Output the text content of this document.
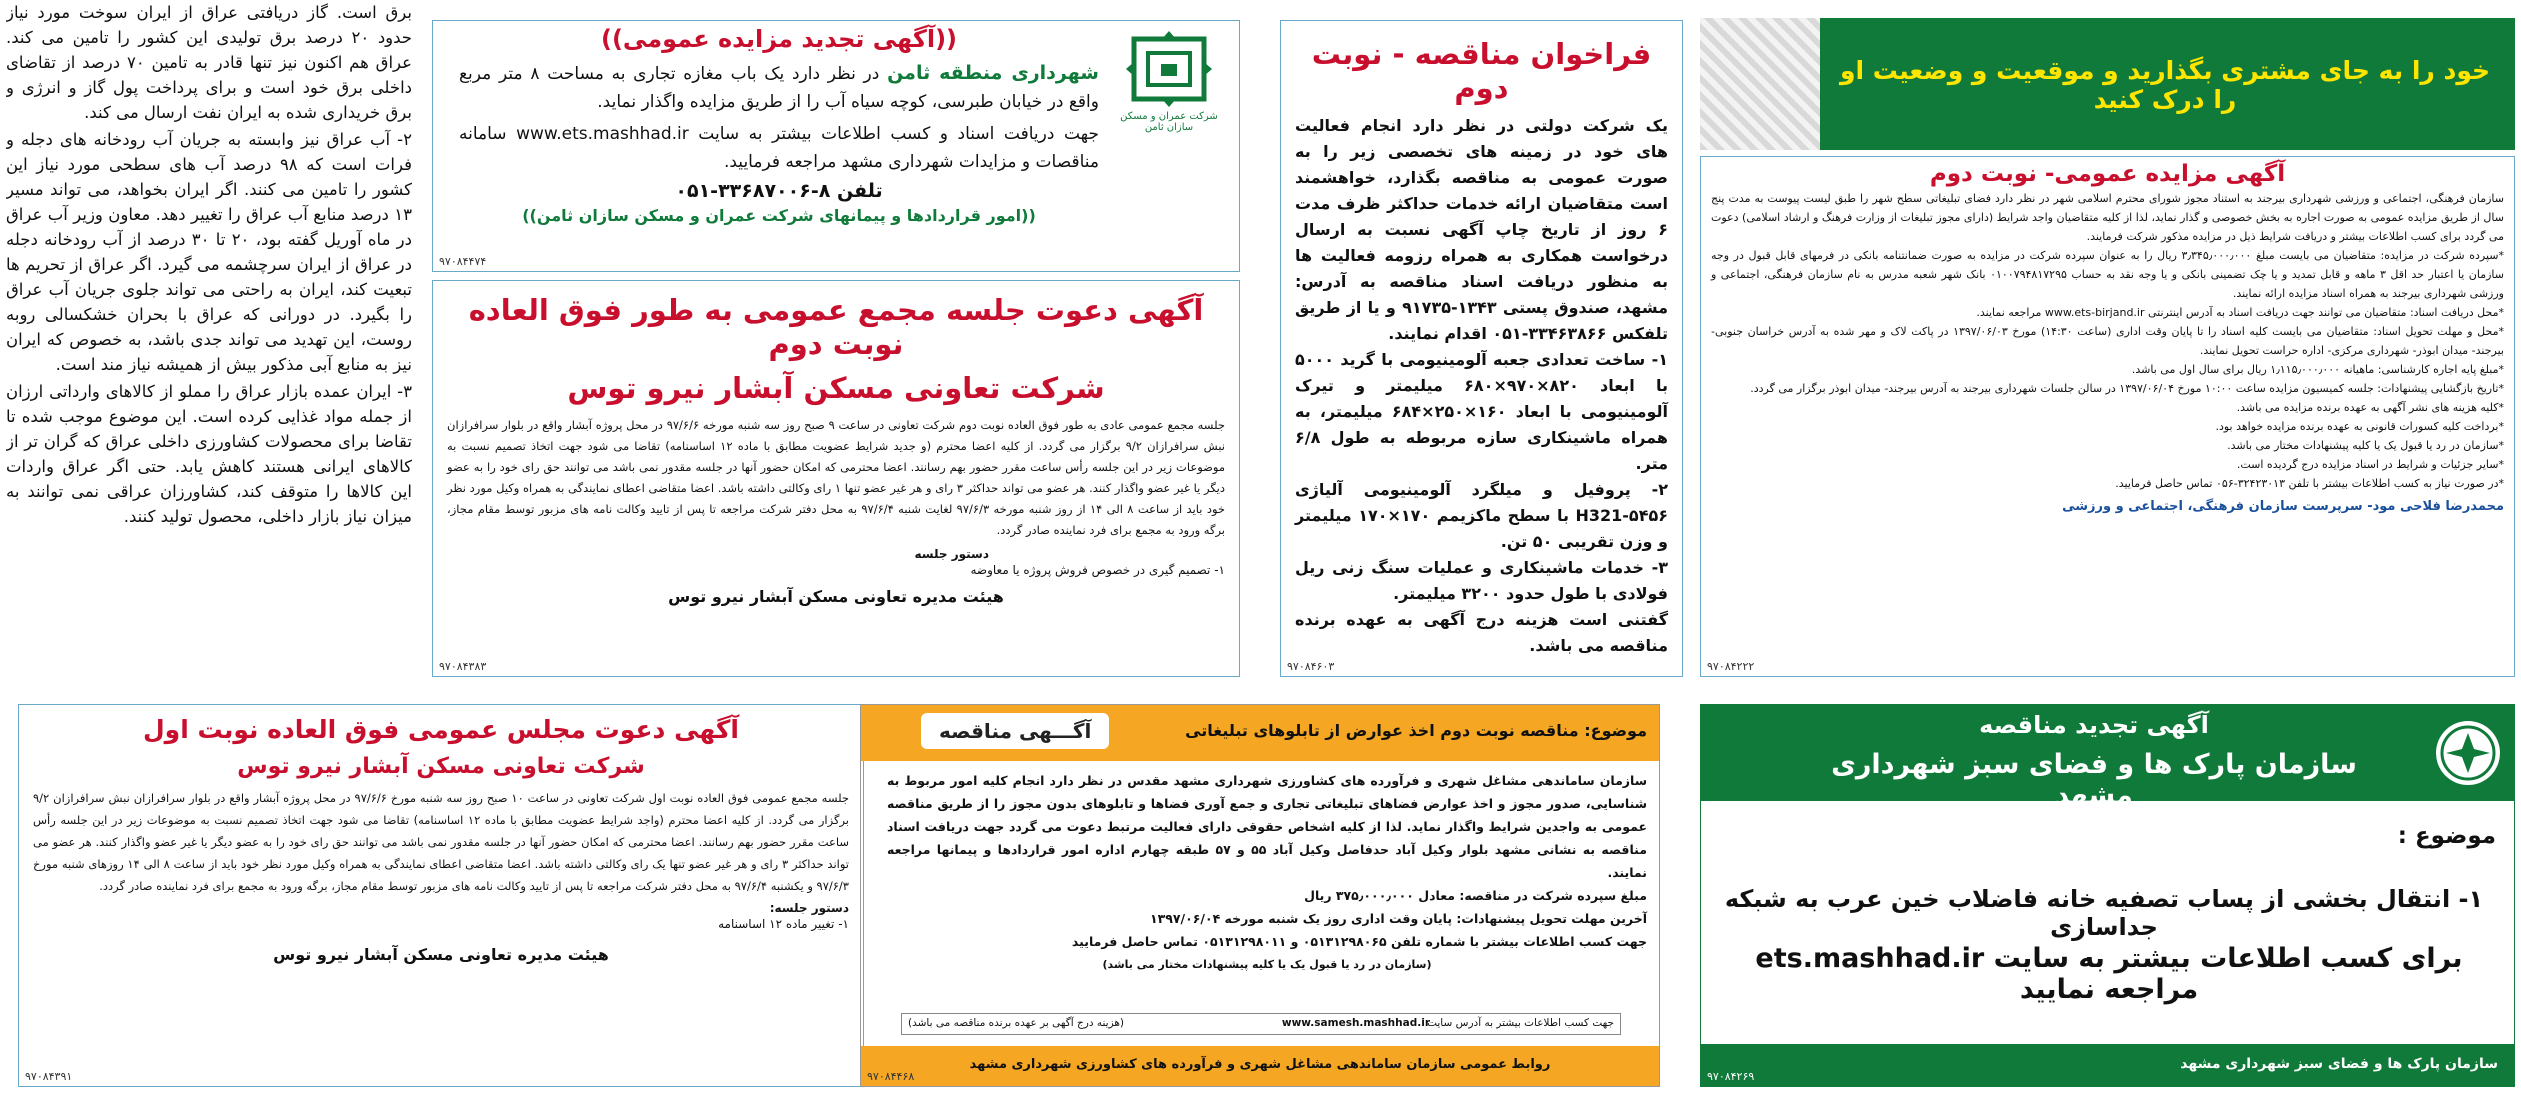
برق است. گاز دریافتی عراق از ایران سوخت مورد نیاز حدود ۲۰ درصد برق تولیدی این کشور را تامین می کند. عراق هم اکنون نیز تنها قادر به تامین ۷۰ درصد از تقاضای داخلی برق خود است و برای پرداخت پول گاز و انرژی و برق خریداری شده به ایران نفت ارسال می کند.

۲- آب عراق نیز وابسته به جریان آب رودخانه های دجله و فرات است که ۹۸ درصد آب های سطحی مورد نیاز این کشور را تامین می کنند. اگر ایران بخواهد، می تواند مسیر ۱۳ درصد منابع آب عراق را تغییر دهد. معاون وزیر آب عراق در ماه آوریل گفته بود، ۲۰ تا ۳۰ درصد از آب رودخانه دجله در عراق از ایران سرچشمه می گیرد. اگر عراق از تحریم ها تبعیت کند، ایران به راحتی می تواند جلوی جریان آب عراق را بگیرد. در دورانی که عراق با بحران خشکسالی روبه روست، این تهدید می تواند جدی باشد، به خصوص که ایران نیز به منابع آبی مذکور بیش از همیشه نیاز مند است.

۳- ایران عمده بازار عراق را مملو از کالاهای وارداتی ارزان از جمله مواد غذایی کرده است. این موضوع موجب شده تا تقاضا برای محصولات کشاورزی داخلی عراق که گران تر از کالاهای ایرانی هستند کاهش یابد. حتی اگر عراق واردات این کالاها را متوقف کند، کشاورزان عراقی نمی توانند به میزان نیاز بازار داخلی، محصول تولید کنند.

شرکت عمران و مسکن سازان ثامن
((آگهی تجدید مزایده عمومی))

شهرداری منطقه ثامن در نظر دارد یک باب مغازه تجاری به مساحت ۸ متر مربع واقع در خیابان طبرسی، کوچه سیاه آب را از طریق مزایده واگذار نماید.

جهت دریافت اسناد و کسب اطلاعات بیشتر به سایت www.ets.mashhad.ir سامانه مناقصات و مزایدات شهرداری مشهد مراجعه فرمایید.

تلفن ۸-۳۳۶۸۷۰۰۶-۰۵۱
((امور قراردادها و پیمانهای شرکت عمران و مسکن سازان ثامن))
۹۷۰۸۴۴۷۴
آگهی دعوت جلسه مجمع عمومی به طور فوق العاده نوبت دوم
شرکت تعاونی مسکن آبشار نیرو توس

جلسه مجمع عمومی عادی به طور فوق العاده نوبت دوم شرکت تعاونی در ساعت ۹ صبح روز سه شنبه مورخه ۹۷/۶/۶ در محل پروژه آبشار واقع در بلوار سرافرازان نبش سرافرازان ۹/۲ برگزار می گردد. از کلیه اعضا محترم (و جدید شرایط عضویت مطابق با ماده ۱۲ اساسنامه) تقاضا می شود جهت اتخاذ تصمیم نسبت به موضوعات زیر در این جلسه رأس ساعت مقرر حضور بهم رسانند. اعضا محترمی که امکان حضور آنها در جلسه مقدور نمی باشد می توانند حق رای خود را به عضو دیگر یا غیر عضو واگذار کنند. هر عضو می تواند حداکثر ۳ رای و هر غیر عضو تنها ۱ رای وکالتی داشته باشد. اعضا متقاضی اعطای نمایندگی به همراه وکیل مورد نظر خود باید از ساعت ۸ الی ۱۴ از روز شنبه مورخه ۹۷/۶/۳ لغایت شنبه ۹۷/۶/۴ به محل دفتر شرکت مراجعه تا پس از تایید وکالت نامه های مزبور توسط مقام مجاز، برگه ورود به مجمع برای فرد نماینده صادر گردد.

دستور جلسه
۱- تصمیم گیری در خصوص فروش پروژه یا معاوضه
هیئت مدیره تعاونی مسکن آبشار نیرو توس
۹۷۰۸۴۳۸۳
فراخوان مناقصه - نوبت دوم

یک شرکت دولتی در نظر دارد انجام فعالیت های خود در زمینه های تخصصی زیر را به صورت عمومی به مناقصه بگذارد، خواهشمند است متقاضیان ارائه خدمات حداکثر ظرف مدت ۶ روز از تاریخ چاپ آگهی نسبت به ارسال درخواست همکاری به همراه رزومه فعالیت ها به منظور دریافت اسناد مناقصه به آدرس: مشهد، صندوق پستی ۱۳۴۳-۹۱۷۳۵ و یا از طریق تلفکس ۳۳۴۶۳۸۶۶-۰۵۱ اقدام نمایند.

۱- ساخت تعدادی جعبه آلومینیومی با گرید ۵۰۰۰ با ابعاد ۸۲۰×۹۷۰×۶۸۰ میلیمتر و تیرک آلومینیومی با ابعاد ۱۶۰×۲۵۰×۶۸۴ میلیمتر، به همراه ماشینکاری سازه مربوطه به طول ۶/۸ متر.

۲- پروفیل و میلگرد آلومینیومی آلیاژی H321-۵۴۵۶ با سطح ماکزیمم ۱۷۰×۱۷۰ میلیمتر و وزن تقریبی ۵۰ تن.

۳- خدمات ماشینکاری و عملیات سنگ زنی ریل فولادی با طول حدود ۳۲۰۰ میلیمتر.

گفتنی است هزینه درج آگهی به عهده برنده مناقصه می باشد.

۹۷۰۸۴۶۰۳
خود را به جای مشتری بگذارید و موقعیت و وضعیت او را درک کنید
آگهی مزایده عمومی- نوبت دوم

سازمان فرهنگی، اجتماعی و ورزشی شهرداری بیرجند به استناد مجوز شورای محترم اسلامی شهر در نظر دارد فضای تبلیغاتی سطح شهر را طبق لیست پیوست به مدت پنج سال از طریق مزایده عمومی به صورت اجاره به بخش خصوصی و گذار نماید، لذا از کلیه متقاضیان واجد شرایط (دارای مجوز تبلیغات از وزارت فرهنگ و ارشاد اسلامی) دعوت می گردد برای کسب اطلاعات بیشتر و دریافت شرایط ذیل در مزایده مذکور شرکت فرمایند.

*سپرده شرکت در مزایده: متقاضیان می بایست مبلغ ۳٫۳۴۵٫۰۰۰٫۰۰۰ ریال را به عنوان سپرده شرکت در مزایده به صورت ضمانتنامه بانکی در فرمهای قابل قبول در وجه سازمان یا اعتبار حد اقل ۳ ماهه و قابل تمدید و یا چک تضمینی بانکی و یا وجه نقد به حساب ۰۱۰۰۷۹۴۸۱۷۲۹۵ بانک شهر شعبه مدرس به نام سازمان فرهنگی، اجتماعی و ورزشی شهرداری بیرجند به همراه اسناد مزایده ارائه نمایند.

*محل دریافت اسناد: متقاضیان می توانند جهت دریافت اسناد به آدرس اینترنتی www.ets-birjand.ir مراجعه نمایند.

*محل و مهلت تحویل اسناد: متقاضیان می بایست کلیه اسناد را تا پایان وقت اداری (ساعت ۱۴:۳۰) مورخ ۱۳۹۷/۰۶/۰۳ در پاکت لاک و مهر شده به آدرس خراسان جنوبی- بیرجند- میدان ابوذر- شهرداری مرکزی- اداره حراست تحویل نمایند.

*مبلغ پایه اجاره کارشناسی: ماهیانه ۱٫۱۱۵٫۰۰۰٫۰۰۰ ریال برای سال اول می باشد.

*تاریخ بازگشایی پیشنهادات: جلسه کمیسیون مزایده ساعت ۱۰:۰۰ مورخ ۱۳۹۷/۰۶/۰۴ در سالن جلسات شهرداری بیرجند به آدرس بیرجند- میدان ابوذر برگزار می گردد.

*کلیه هزینه های نشر آگهی به عهده برنده مزایده می باشد.

*برداخت کلیه کسورات قانونی به عهده برنده مزایده خواهد بود.

*سازمان در رد یا قبول یک یا کلیه پیشنهادات مختار می باشد.

*سایر جزئیات و شرایط در اسناد مزایده درج گردیده است.

*در صورت نیاز به کسب اطلاعات بیشتر با تلفن ۳۲۴۲۳۰۱۳-۰۵۶ تماس حاصل فرمایید.

محمدرضا فلاحی مود- سرپرست سازمان فرهنگی، اجتماعی و ورزشی
۹۷۰۸۴۲۲۲
آگهی دعوت مجلس عمومی فوق العاده نوبت اول
شرکت تعاونی مسکن آبشار نیرو توس

جلسه مجمع عمومی فوق العاده نوبت اول شرکت تعاونی در ساعت ۱۰ صبح روز سه شنبه مورخ ۹۷/۶/۶ در محل پروژه آبشار واقع در بلوار سرافرازان نبش سرافرازان ۹/۲ برگزار می گردد. از کلیه اعضا محترم (واجد شرایط عضویت مطابق با ماده ۱۲ اساسنامه) تقاضا می شود جهت اتخاذ تصمیم نسبت به موضوعات زیر در این جلسه رأس ساعت مقرر حضور بهم رسانند. اعضا محترمی که امکان حضور آنها در جلسه مقدور نمی باشد می توانند حق رای خود را به عضو دیگر یا غیر عضو واگذار کنند. هر عضو می تواند حداکثر ۳ رای و هر غیر عضو تنها یک رای وکالتی داشته باشد. اعضا متقاضی اعطای نمایندگی به همراه وکیل مورد نظر خود باید از ساعت ۸ الی ۱۴ روزهای شنبه مورخ ۹۷/۶/۳ و یکشنبه ۹۷/۶/۴ به محل دفتر شرکت مراجعه تا پس از تایید وکالت نامه های مزبور توسط مقام مجاز، برگه ورود به مجمع برای فرد نماینده صادر گردد.

دستور جلسه:
۱- تغییر ماده ۱۲ اساسنامه
هیئت مدیره تعاونی مسکن آبشار نیرو توس
۹۷۰۸۴۳۹۱
موضوع: مناقصه نوبت دوم اخذ عوارض از تابلوهای تبلیغاتی
آگـــهی مناقصه

سازمان ساماندهی مشاغل شهری و فرآورده های کشاورزی شهرداری مشهد مقدس در نظر دارد انجام کلیه امور مربوط به شناسایی، صدور مجوز و اخذ عوارض فضاهای تبلیغاتی تجاری و جمع آوری فضاها و تابلوهای بدون مجوز را از طریق مناقصه عمومی به واجدین شرایط واگذار نماید. لذا از کلیه اشخاص حقوقی دارای فعالیت مرتبط دعوت می گردد جهت دریافت اسناد مناقصه به نشانی مشهد بلوار وکیل آباد حدفاصل وکیل آباد ۵۵ و ۵۷ طبقه چهارم اداره امور قراردادها و پیمانها مراجعه نمایند.

مبلغ سپرده شرکت در مناقصه: معادل ۳۷۵٫۰۰۰٫۰۰۰ ریال

آخرین مهلت تحویل پیشنهادات: پایان وقت اداری روز یک شنبه مورخه ۱۳۹۷/۰۶/۰۴

جهت کسب اطلاعات بیشتر با شماره تلفن ۰۵۱۳۱۲۹۸۰۶۵ و ۰۵۱۳۱۲۹۸۰۱۱ تماس حاصل فرمایید

(سازمان در رد یا قبول یک یا کلیه پیشنهادات مختار می باشد)

جهت کسب اطلاعات بیشتر به آدرس سایت
www.samesh.mashhad.ir
(هزینه درج آگهی بر عهده برنده مناقصه می باشد)
روابط عمومی سازمان ساماندهی مشاغل شهری و فرآورده های کشاورزی شهرداری مشهد
۹۷۰۸۴۴۶۸
آگهی تجدید مناقصه
سازمان پارک ها و فضای سبز شهرداری مشهد
موضوع :
۱- انتقال بخشی از پساب تصفیه خانه فاضلاب خین عرب به شبکه جداسازی
برای کسب اطلاعات بیشتر به سایت ets.mashhad.ir مراجعه نمایید
سازمان پارک ها و فضای سبز شهرداری مشهد
۹۷۰۸۴۲۶۹
